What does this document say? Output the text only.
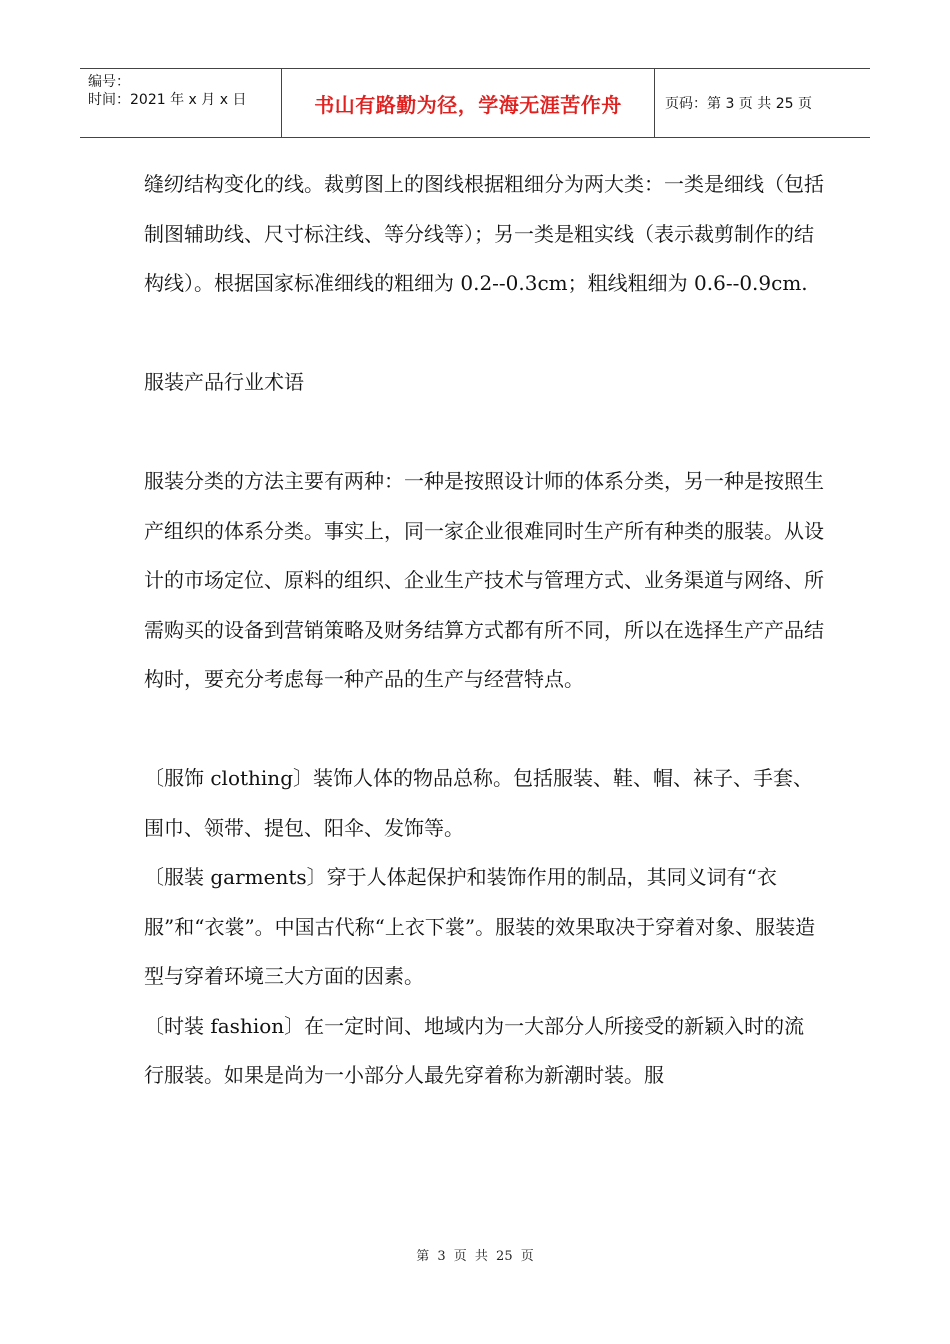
编号：
时间：2021 年 x 月 x 日	书山有路勤为径，学海无涯苦作舟	页码：第 3 页 共 25 页

缝纫结构变化的线。裁剪图上的图线根据粗细分为两大类：一类是细线（包括制图辅助线、尺寸标注线、等分线等）；另一类是粗实线（表示裁剪制作的结构线）。根据国家标准细线的粗细为 0.2--0.3cm；粗线粗细为 0.6--0.9cm.

服装产品行业术语

服装分类的方法主要有两种：一种是按照设计师的体系分类，另一种是按照生产组织的体系分类。事实上，同一家企业很难同时生产所有种类的服装。从设计的市场定位、原料的组织、企业生产技术与管理方式、业务渠道与网络、所需购买的设备到营销策略及财务结算方式都有所不同，所以在选择生产产品结构时，要充分考虑每一种产品的生产与经营特点。

〔服饰 clothing〕装饰人体的物品总称。包括服装、鞋、帽、袜子、手套、围巾、领带、提包、阳伞、发饰等。

〔服装 garments〕穿于人体起保护和装饰作用的制品，其同义词有“衣服”和“衣裳”。中国古代称“上衣下裳”。服装的效果取决于穿着对象、服装造型与穿着环境三大方面的因素。

〔时装 fashion〕在一定时间、地域内为一大部分人所接受的新颖入时的流行服装。如果是尚为一小部分人最先穿着称为新潮时装。服

第 3 页 共 25 页
